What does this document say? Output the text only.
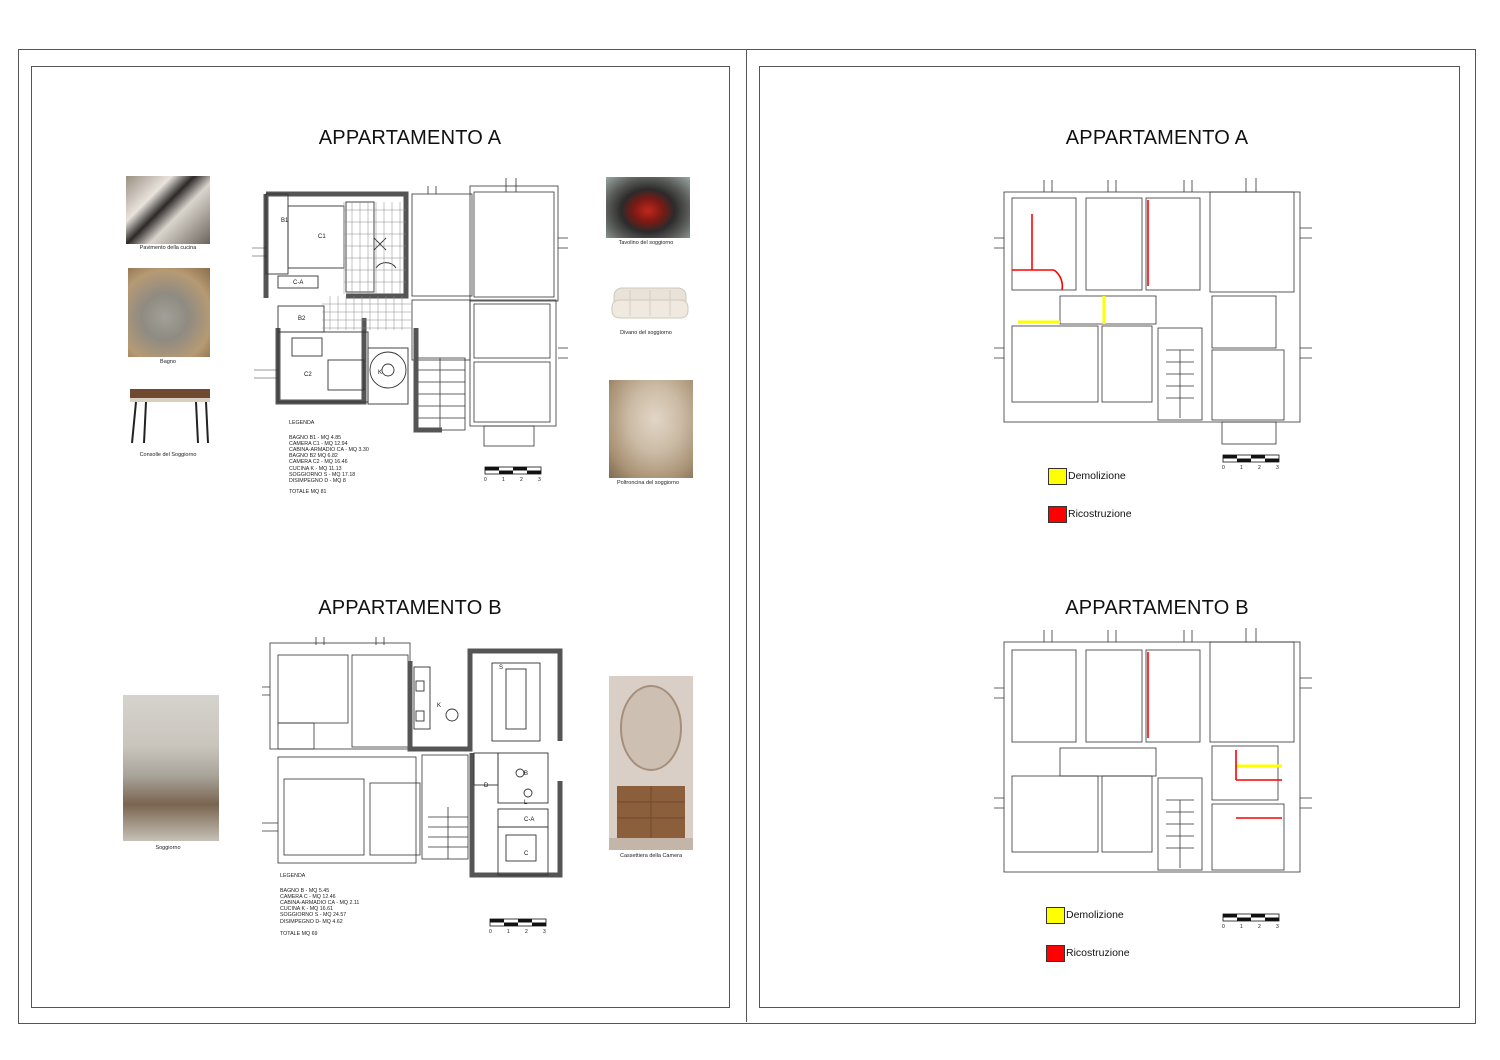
APPARTAMENTO A
Pavimento della cucina
Bagno
Consolle del Soggiorno
Tavolino del soggiorno
Divano del soggiorno
Poltroncina del soggiorno
B1
C1
C-A
B2
C2	K
LEGENDA
BAGNO B1 - MQ 4.85
CAMERA C1 - MQ 12.94
CABINA-ARMADIO CA - MQ 3.30
BAGNO B2 MQ 6.82
CAMERA C2 - MQ 16.46
CUCINA K - MQ 11.13
SOGGIORNO S - MQ 17.18
DISIMPEGNO D - MQ 8
TOTALE MQ 81
0	1	2	3
APPARTAMENTO B
Soggiorno
Cassettiera della Camera
S
K
B
L
D
C-A
C
LEGENDA
BAGNO B - MQ 5.45
CAMERA C - MQ 12.46
CABINA-ARMADIO CA - MQ 2.11
CUCINA K - MQ 16.61
SOGGIORNO S - MQ 24.57
DISIMPEGNO D- MQ 4.62
TOTALE MQ 69	0	1	2	3
APPARTAMENTO A
0	1	2	3
Demolizione
Ricostruzione
APPARTAMENTO B
0	1	2	3
Demolizione
Ricostruzione
